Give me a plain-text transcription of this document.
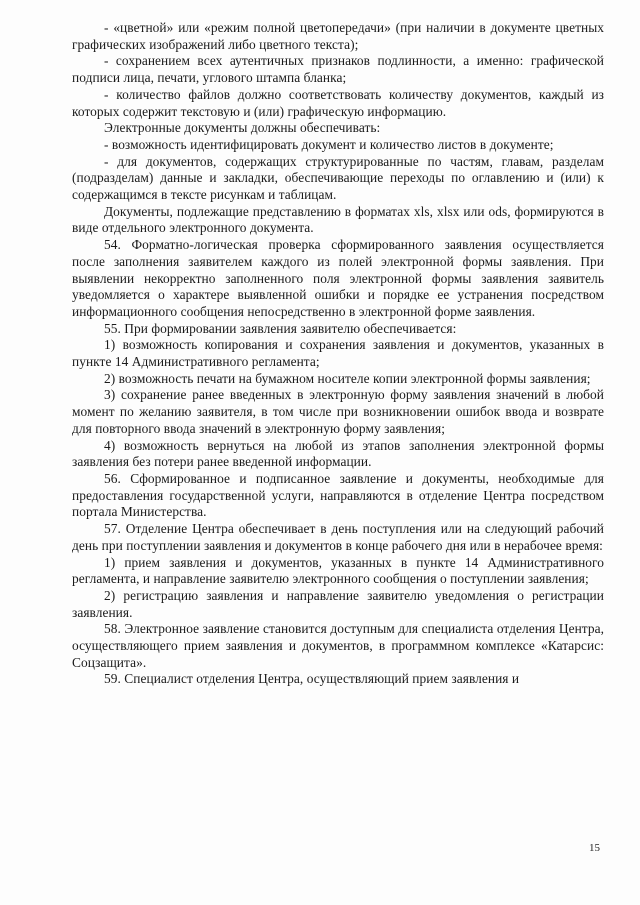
- «цветной» или «режим полной цветопередачи» (при наличии в документе цветных графических изображений либо цветного текста);

- сохранением всех аутентичных признаков подлинности, а именно: графической подписи лица, печати, углового штампа бланка;

- количество файлов должно соответствовать количеству документов, каждый из которых содержит текстовую и (или) графическую информацию.

Электронные документы должны обеспечивать:

- возможность идентифицировать документ и количество листов в документе;

- для документов, содержащих структурированные по частям, главам, разделам (подразделам) данные и закладки, обеспечивающие переходы по оглавлению и (или) к содержащимся в тексте рисункам и таблицам.

Документы, подлежащие представлению в форматах xls, xlsx или ods, формируются в виде отдельного электронного документа.

54. Форматно-логическая проверка сформированного заявления осуществляется после заполнения заявителем каждого из полей электронной формы заявления. При выявлении некорректно заполненного поля электронной формы заявления заявитель уведомляется о характере выявленной ошибки и порядке ее устранения посредством информационного сообщения непосредственно в электронной форме заявления.

55. При формировании заявления заявителю обеспечивается:

1) возможность копирования и сохранения заявления и документов, указанных в пункте 14 Административного регламента;

2) возможность печати на бумажном носителе копии электронной формы заявления;

3) сохранение ранее введенных в электронную форму заявления значений в любой момент по желанию заявителя, в том числе при возникновении ошибок ввода и возврате для повторного ввода значений в электронную форму заявления;

4) возможность вернуться на любой из этапов заполнения электронной формы заявления без потери ранее введенной информации.

56. Сформированное и подписанное заявление и документы, необходимые для предоставления государственной услуги, направляются в отделение Центра посредством портала Министерства.

57. Отделение Центра обеспечивает в день поступления или на следующий рабочий день при поступлении заявления и документов в конце рабочего дня или в нерабочее время:

1) прием заявления и документов, указанных в пункте 14 Административного регламента, и направление заявителю электронного сообщения о поступлении заявления;

2) регистрацию заявления и направление заявителю уведомления о регистрации заявления.

58. Электронное заявление становится доступным для специалиста отделения Центра, осуществляющего прием заявления и документов, в программном комплексе «Катарсис: Соцзащита».

59. Специалист отделения Центра, осуществляющий прием заявления и

15
